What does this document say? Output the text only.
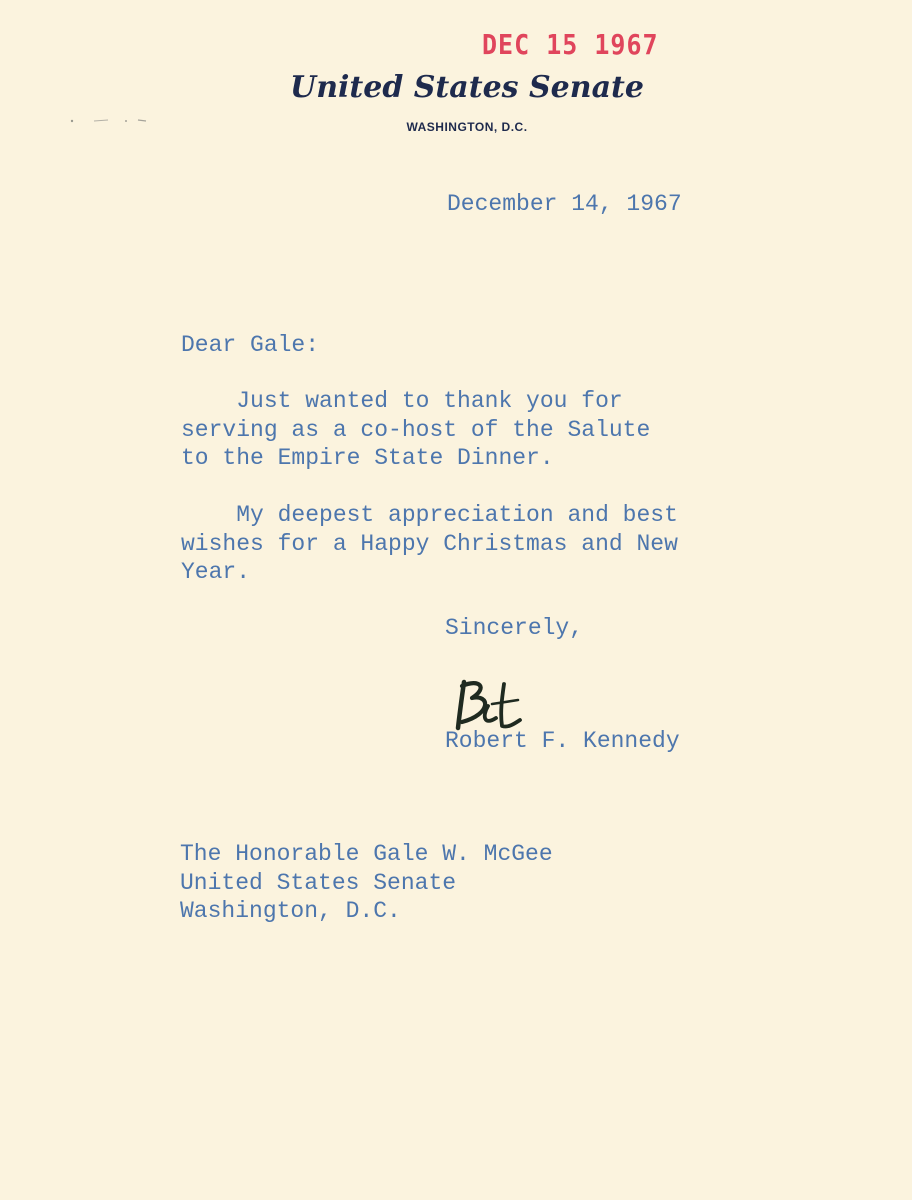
DEC 15 1967
United States Senate
WASHINGTON, D.C.
December 14, 1967
Dear Gale:
Just wanted to thank you for
serving as a co-host of the Salute
to the Empire State Dinner.
My deepest appreciation and best
wishes for a Happy Christmas and New
Year.
Sincerely,
Robert F. Kennedy
The Honorable Gale W. McGee
United States Senate
Washington, D.C.
